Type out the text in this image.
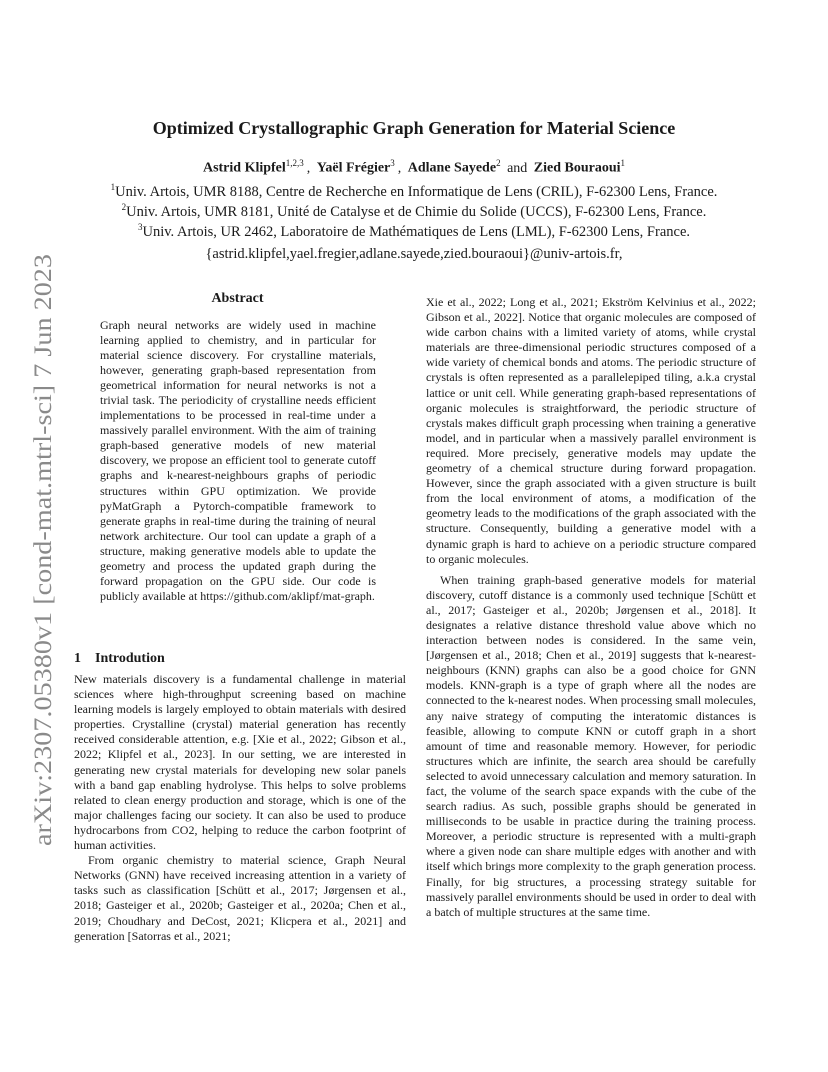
arXiv:2307.05380v1 [cond-mat.mtrl-sci] 7 Jun 2023
Optimized Crystallographic Graph Generation for Material Science
Astrid Klipfel$^{1,2,3}$ , Yaël Frégier$^3$ , Adlane Sayede$^2$ and Zied Bouraoui$^1$
$^1$Univ. Artois, UMR 8188, Centre de Recherche en Informatique de Lens (CRIL), F-62300 Lens, France.
$^2$Univ. Artois, UMR 8181, Unité de Catalyse et de Chimie du Solide (UCCS), F-62300 Lens, France.
$^3$Univ. Artois, UR 2462, Laboratoire de Mathématiques de Lens (LML), F-62300 Lens, France.
{astrid.klipfel,yael.fregier,adlane.sayede,zied.bouraoui}@univ-artois.fr,
Abstract
Graph neural networks are widely used in machine learning applied to chemistry, and in particular for material science discovery. For crystalline materials, however, generating graph-based representation from geometrical information for neural networks is not a trivial task. The periodicity of crystalline needs efficient implementations to be processed in real-time under a massively parallel environment. With the aim of training graph-based generative models of new material discovery, we propose an efficient tool to generate cutoff graphs and k-nearest-neighbours graphs of periodic structures within GPU optimization. We provide pyMatGraph a Pytorch-compatible framework to generate graphs in real-time during the training of neural network architecture. Our tool can update a graph of a structure, making generative models able to update the geometry and process the updated graph during the forward propagation on the GPU side. Our code is publicly available at https://github.com/aklipf/mat-graph.
1 Introdution

New materials discovery is a fundamental challenge in material sciences where high-throughput screening based on machine learning models is largely employed to obtain materials with desired properties. Crystalline (crystal) material generation has recently received considerable attention, e.g. [Xie et al., 2022; Gibson et al., 2022; Klipfel et al., 2023]. In our setting, we are interested in generating new crystal materials for developing new solar panels with a band gap enabling hydrolyse. This helps to solve problems related to clean energy production and storage, which is one of the major challenges facing our society. It can also be used to produce hydrocarbons from CO2, helping to reduce the carbon footprint of human activities.

From organic chemistry to material science, Graph Neural Networks (GNN) have received increasing attention in a variety of tasks such as classification [Schütt et al., 2017; Jørgensen et al., 2018; Gasteiger et al., 2020b; Gasteiger et al., 2020a; Chen et al., 2019; Choudhary and DeCost, 2021; Klicpera et al., 2021] and generation [Satorras et al., 2021;

Xie et al., 2022; Long et al., 2021; Ekström Kelvinius et al., 2022; Gibson et al., 2022]. Notice that organic molecules are composed of wide carbon chains with a limited variety of atoms, while crystal materials are three-dimensional periodic structures composed of a wide variety of chemical bonds and atoms. The periodic structure of crystals is often represented as a parallelepiped tiling, a.k.a crystal lattice or unit cell. While generating graph-based representations of organic molecules is straightforward, the periodic structure of crystals makes difficult graph processing when training a generative model, and in particular when a massively parallel environment is required. More precisely, generative models may update the geometry of a chemical structure during forward propagation. However, since the graph associated with a given structure is built from the local environment of atoms, a modification of the geometry leads to the modifications of the graph associated with the structure. Consequently, building a generative model with a dynamic graph is hard to achieve on a periodic structure compared to organic molecules.

When training graph-based generative models for material discovery, cutoff distance is a commonly used technique [Schütt et al., 2017; Gasteiger et al., 2020b; Jørgensen et al., 2018]. It designates a relative distance threshold value above which no interaction between nodes is considered. In the same vein, [Jørgensen et al., 2018; Chen et al., 2019] suggests that k-nearest-neighbours (KNN) graphs can also be a good choice for GNN models. KNN-graph is a type of graph where all the nodes are connected to the k-nearest nodes. When processing small molecules, any naive strategy of computing the interatomic distances is feasible, allowing to compute KNN or cutoff graph in a short amount of time and reasonable memory. However, for periodic structures which are infinite, the search area should be carefully selected to avoid unnecessary calculation and memory saturation. In fact, the volume of the search space expands with the cube of the search radius. As such, possible graphs should be generated in milliseconds to be usable in practice during the training process. Moreover, a periodic structure is represented with a multi-graph where a given node can share multiple edges with another and with itself which brings more complexity to the graph generation process. Finally, for big structures, a processing strategy suitable for massively parallel environments should be used in order to deal with a batch of multiple structures at the same time.
